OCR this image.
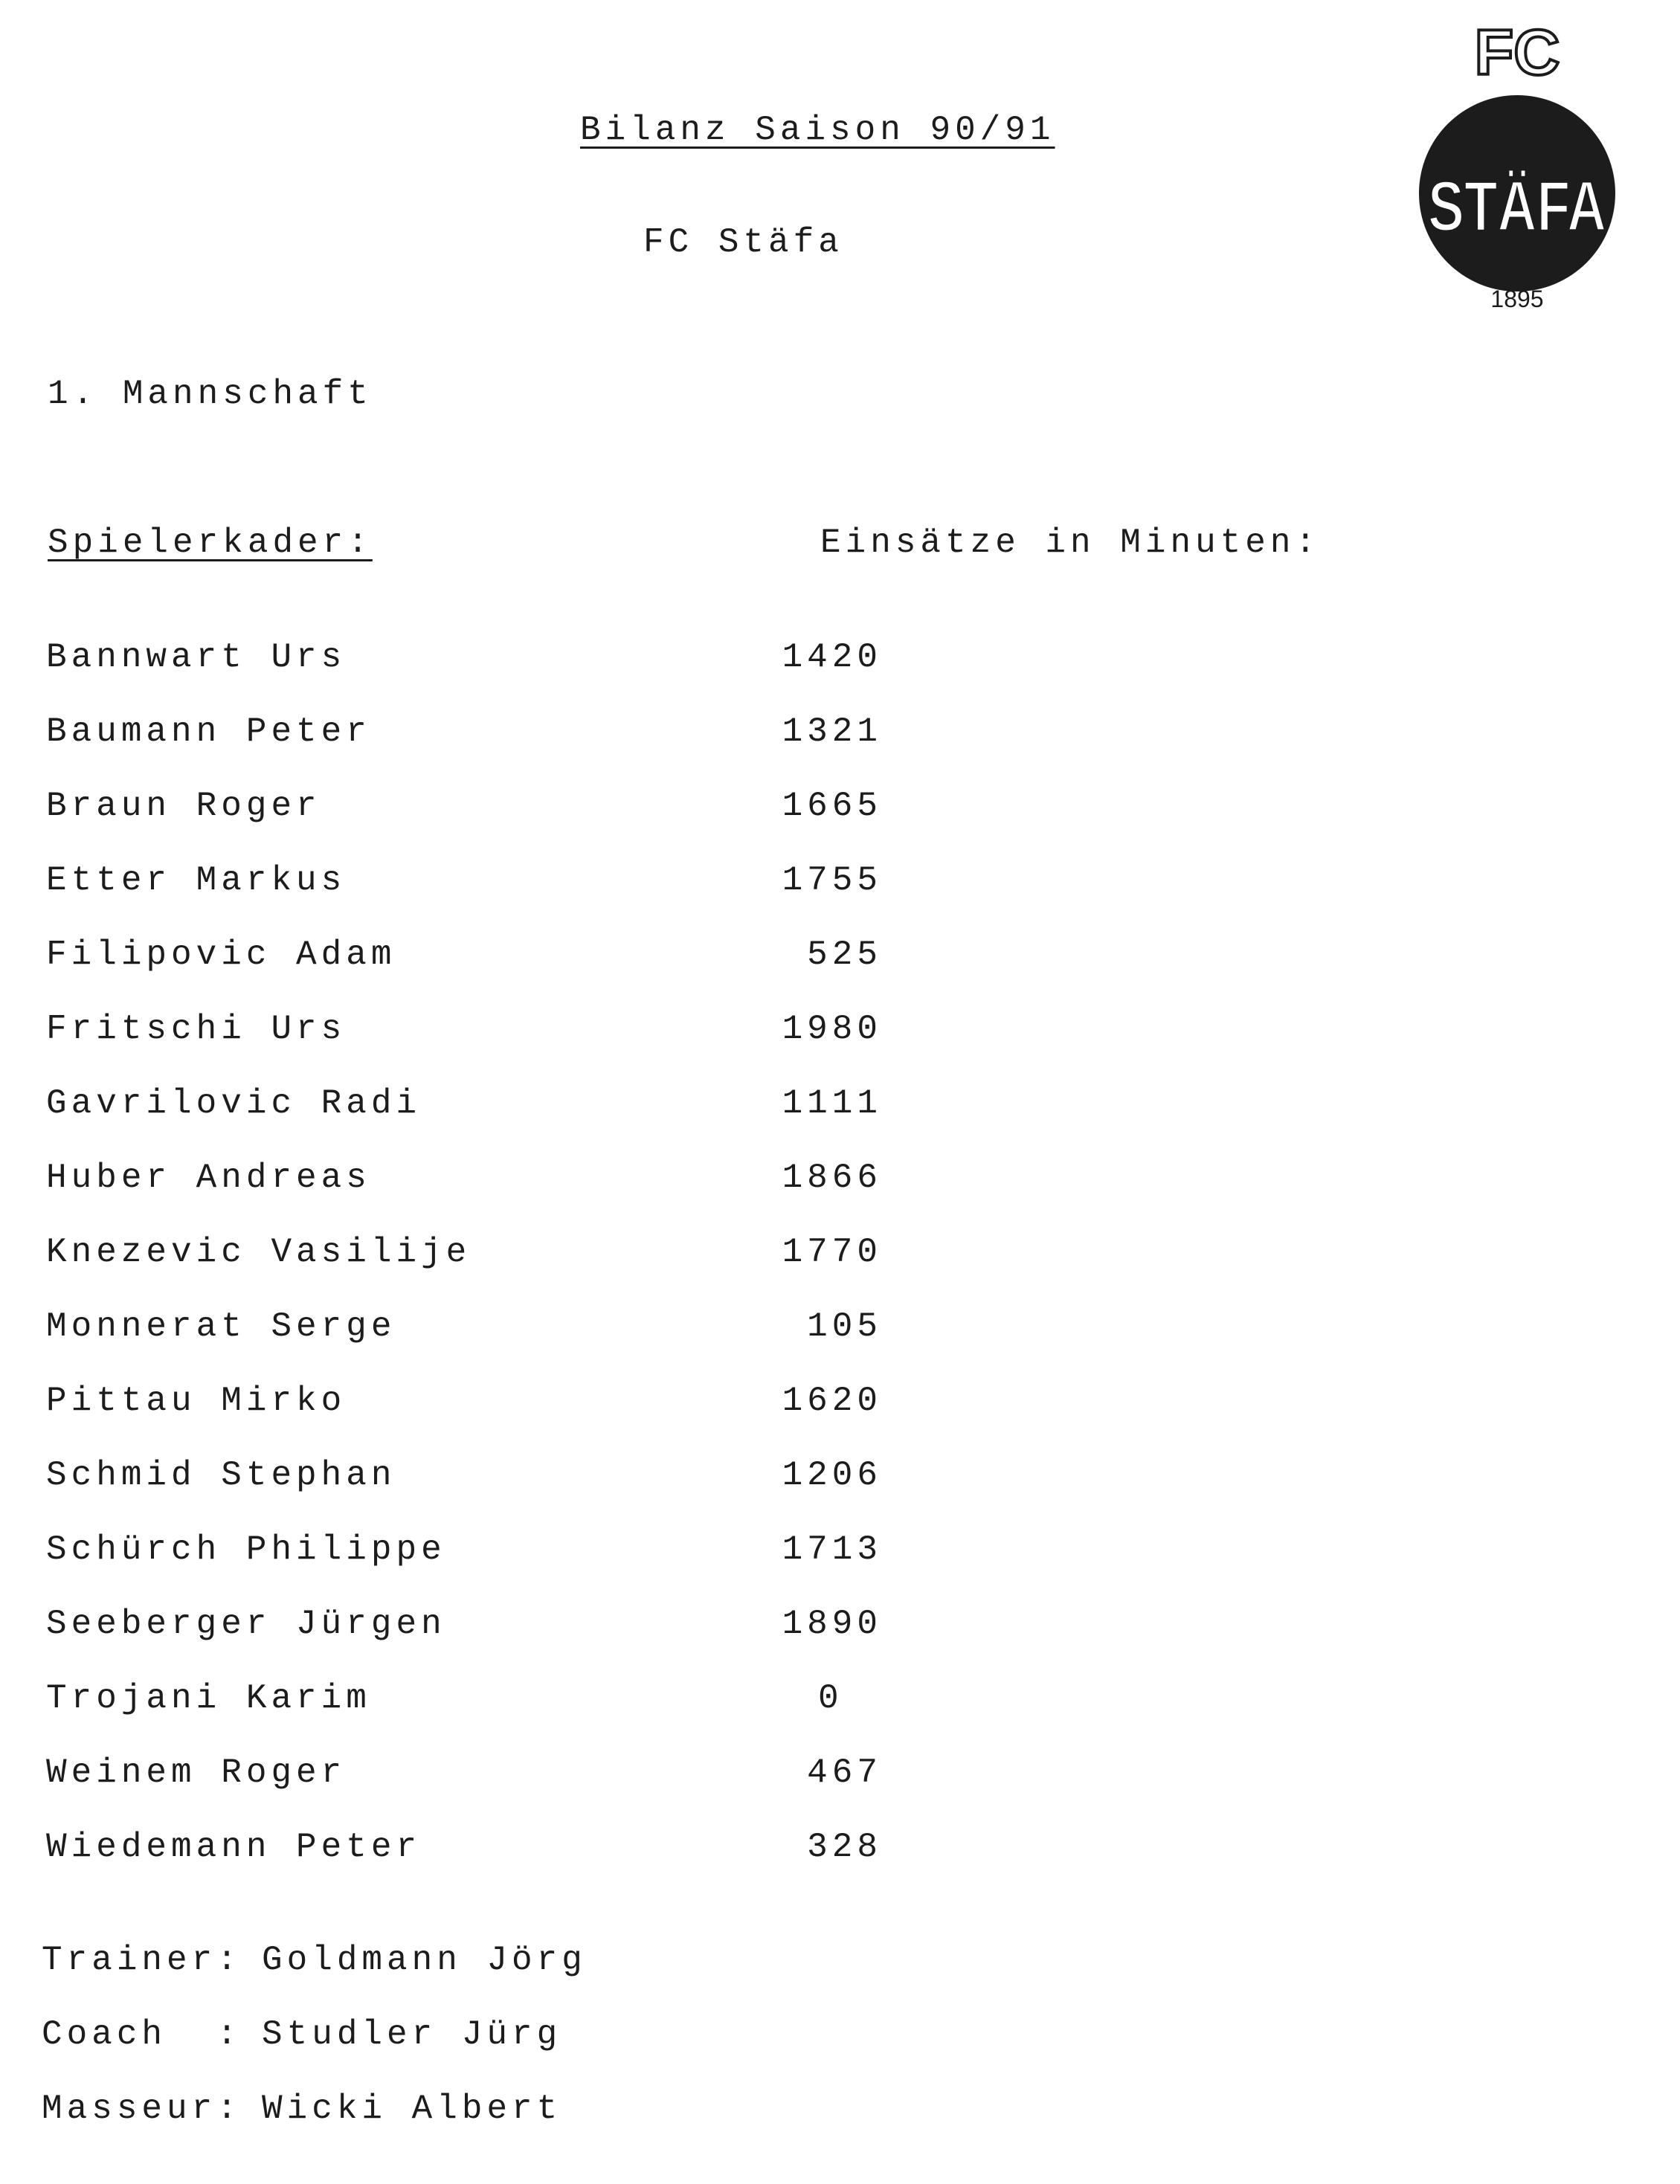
FC
STÄFA
1895
Bilanz Saison 90/91
FC Stäfa
1. Mannschaft
Spielerkader:	Einsätze in Minuten:
Bannwart Urs	1420
Baumann Peter	1321
Braun Roger	1665
Etter Markus	1755
Filipovic Adam	525
Fritschi Urs	1980
Gavrilovic Radi	1111
Huber Andreas	1866
Knezevic Vasilije	1770
Monnerat Serge	105
Pittau Mirko	1620
Schmid Stephan	1206
Schürch Philippe	1713
Seeberger Jürgen	1890
Trojani Karim	0
Weinem Roger	467
Wiedemann Peter	328
Trainer: Goldmann Jörg
Coach  : Studler Jürg
Masseur: Wicki Albert
